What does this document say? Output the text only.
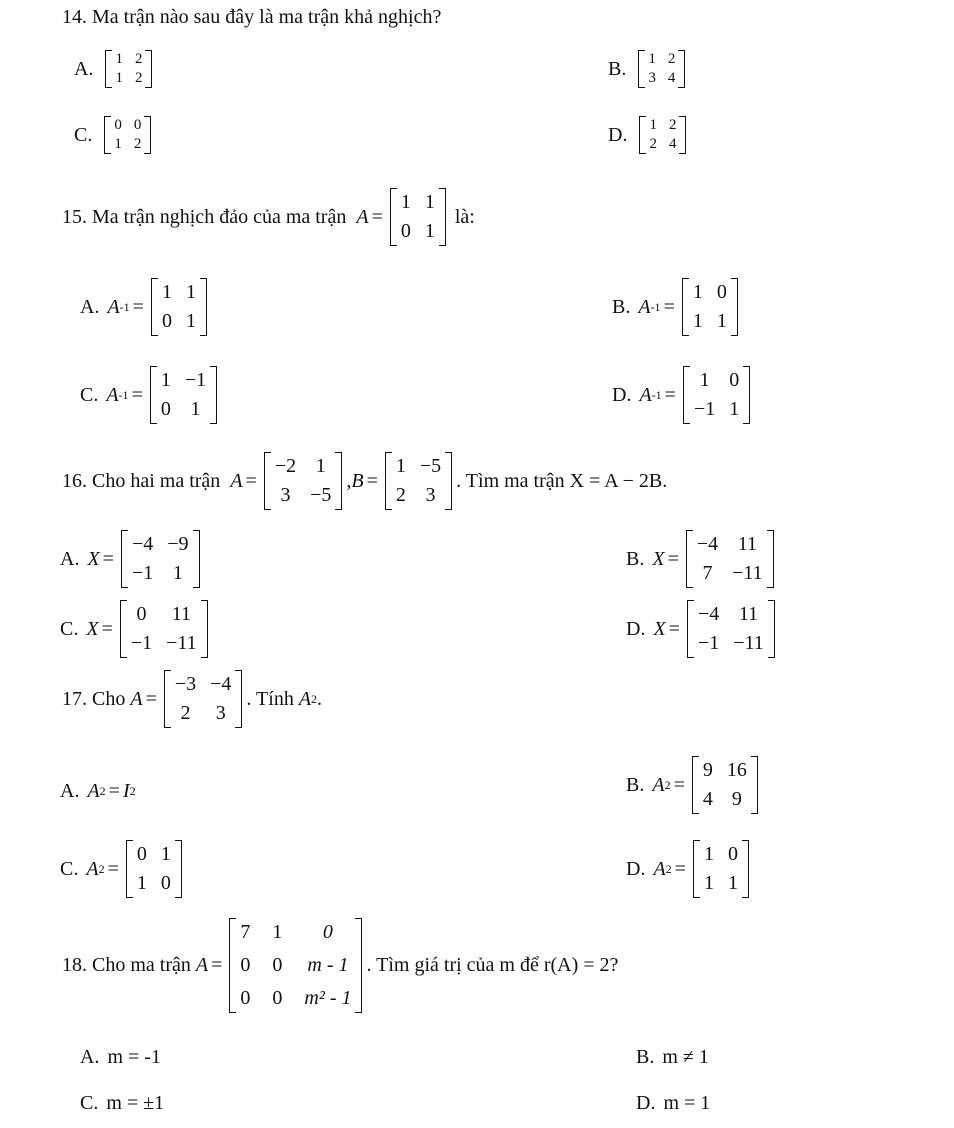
14. Ma trận nào sau đây là ma trận khả nghịch?
A. 1 2
1 2	B. 1 2
3 4
C. 0 0
1 2	D. 1 2
2 4
15. Ma trận nghịch đảo của ma trận
A =
1 1
0 1

là:
A. A -1 =
1 1
0 1
B. A -1 =
1 0
1 1
C. A -1 =
1 −1
0 1
D. A -1 =
1 0
−1 1
16. Cho hai ma trận
A =
−2 1
3 −5
, B =
1 −5
2 3
. Tìm ma trận X = A − 2B.
A. X =
−4 −9
−1 1
B. X =
−4 11
7 −11
C. X =
0 11
−1 −11
D. X =
−4 11
−1 −11
17. Cho
A =
−3 −4
2 3
. Tính
A 2 .
A. A 2 = I 2	B. A 2 =
9 16
4 9
C. A 2 =
0 1
1 0
D. A 2 =
1 0
1 1
18. Cho ma trận
A =
7 1	0
0 0 m - 1
0 0 m² - 1
. Tìm giá trị của m để r(A) = 2?
A. m = -1	B. m ≠ 1
C. m = ±1	D. m = 1
